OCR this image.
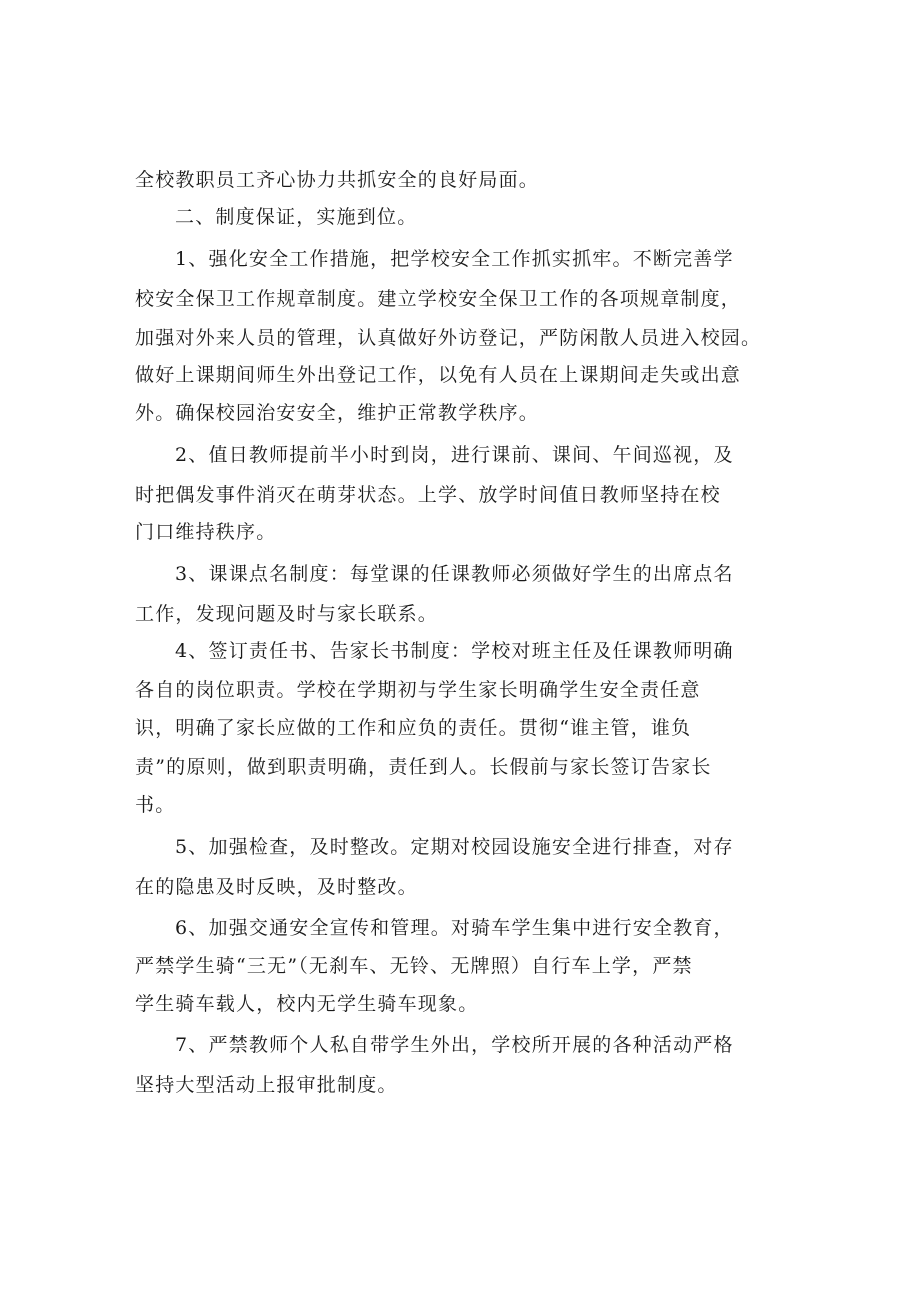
全校教职员工齐心协力共抓安全的良好局面。
二、制度保证，实施到位。
1、强化安全工作措施，把学校安全工作抓实抓牢。不断完善学
校安全保卫工作规章制度。建立学校安全保卫工作的各项规章制度，
加强对外来人员的管理，认真做好外访登记，严防闲散人员进入校园。
做好上课期间师生外出登记工作，以免有人员在上课期间走失或出意
外。确保校园治安安全，维护正常教学秩序。
2、值日教师提前半小时到岗，进行课前、课间、午间巡视，及
时把偶发事件消灭在萌芽状态。上学、放学时间值日教师坚持在校
门口维持秩序。
3、课课点名制度：每堂课的任课教师必须做好学生的出席点名
工作，发现问题及时与家长联系。
4、签订责任书、告家长书制度：学校对班主任及任课教师明确
各自的岗位职责。学校在学期初与学生家长明确学生安全责任意
识，明确了家长应做的工作和应负的责任。贯彻“谁主管，谁负
责”的原则，做到职责明确，责任到人。长假前与家长签订告家长
书。
5、加强检查，及时整改。定期对校园设施安全进行排查，对存
在的隐患及时反映，及时整改。
6、加强交通安全宣传和管理。对骑车学生集中进行安全教育，
严禁学生骑“三无”（无刹车、无铃、无牌照）自行车上学，严禁
学生骑车载人，校内无学生骑车现象。
7、严禁教师个人私自带学生外出，学校所开展的各种活动严格
坚持大型活动上报审批制度。
